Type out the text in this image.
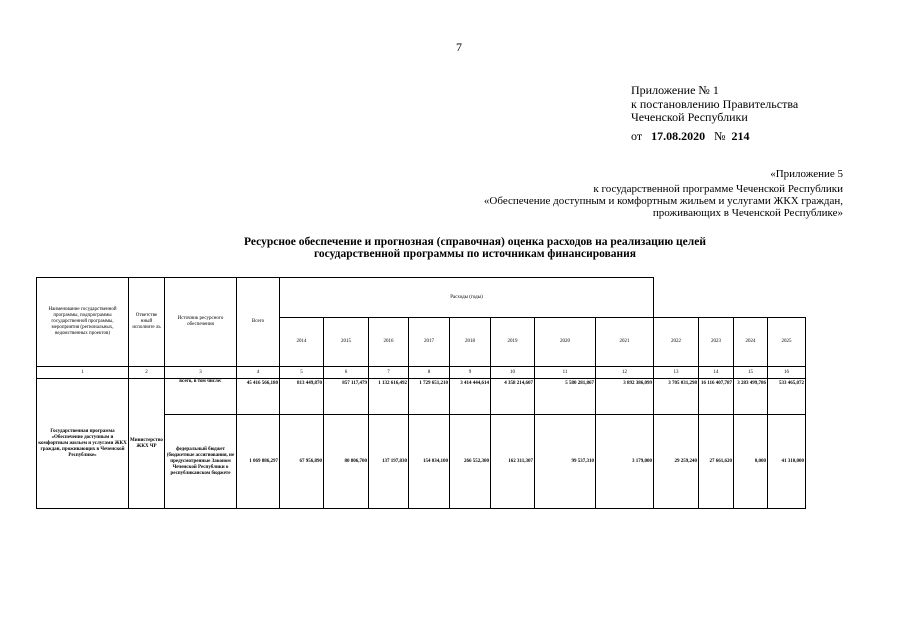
7
Приложение № 1
к постановлению Правительства
Чеченской Республики
от 17.08.2020 № 214
«Приложение 5
к государственной программе Чеченской Республики
«Обеспечение доступным и комфортным жильем и услугами ЖКХ граждан,
проживающих в Чеченской Республике»
Ресурсное обеспечение и прогнозная (справочная) оценка расходов на реализацию целей
государственной программы по источникам финансирования
Наименование государственной программы, подпрограммы государственной программы, мероприятия (региональных, ведомственных проектов)	Ответстве нный исполните ль	Источник ресурсного обеспечения	Всего	Расходы (годы)											
				2014	2015	2016	2017	2018	2019	2020	2021	2022	2023	2024	2025
1	2	3	4	5	6	7	8	9	10	11	12	13	14	15	16
Государственная программа «Обеспечение доступным и комфортным жильем и услугами ЖКХ граждан, проживающих в Чеченской Республике»	Министерство ЖКХ ЧР	всего, в том числе:	45 416 566,180	813 449,870	857 117,479	1 132 616,492	1 729 651,210	3 414 444,614	4 358 214,607	5 580 281,867	3 892 386,099	3 705 031,298	16 116 407,787	3 283 499,786	533 465,072
		федеральный бюджет (бюджетные ассигнования, не предусмотренные Законом Чеченской Республики о республиканском бюджете	1 069 886,297	67 956,890	80 806,700	137 197,830	154 034,100	266 552,300	162 311,307	99 537,310	3 179,000	29 259,240	27 661,620	0,000	41 310,000
